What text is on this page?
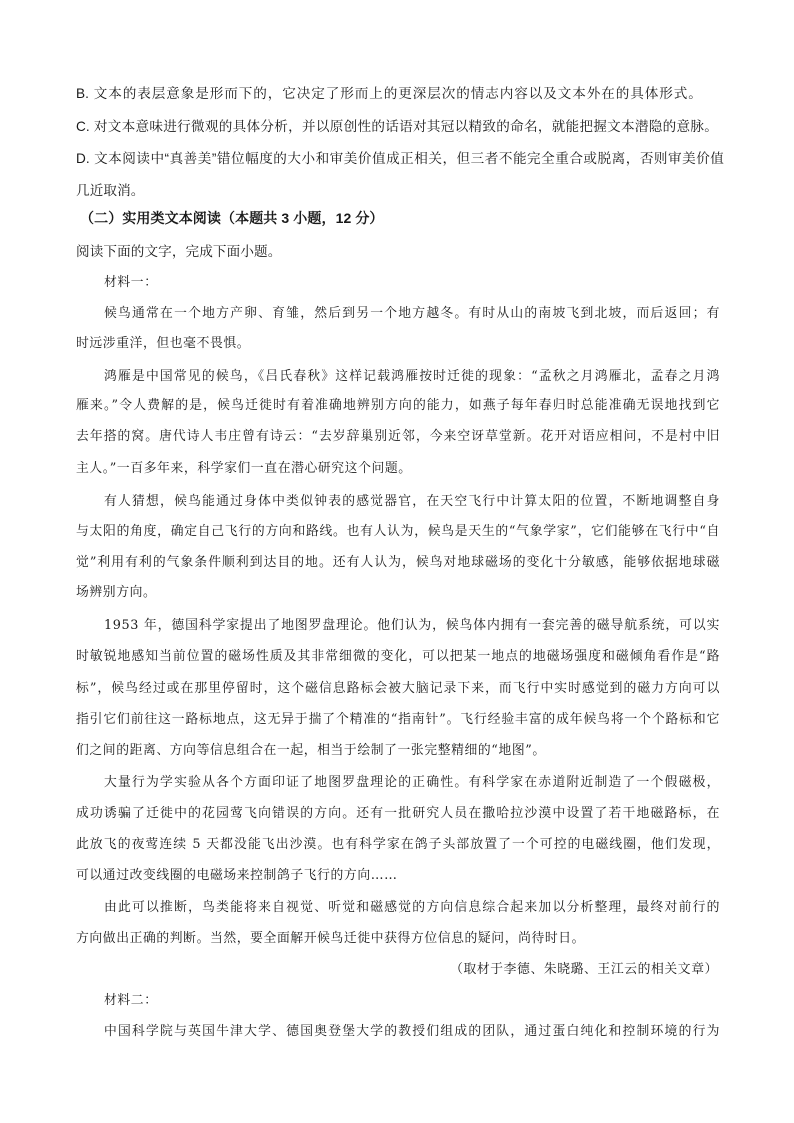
B. 文本的表层意象是形而下的，它决定了形而上的更深层次的情志内容以及文本外在的具体形式。
C. 对文本意味进行微观的具体分析，并以原创性的话语对其冠以精致的命名，就能把握文本潜隐的意脉。
D. 文本阅读中“真善美”错位幅度的大小和审美价值成正相关，但三者不能完全重合或脱离，否则审美价值
几近取消。
（二）实用类文本阅读（本题共 3 小题，12 分）
阅读下面的文字，完成下面小题。
材料一：
候鸟通常在一个地方产卵、育雏，然后到另一个地方越冬。有时从山的南坡飞到北坡，而后返回；有
时远涉重洋，但也毫不畏惧。
鸿雁是中国常见的候鸟，《吕氏春秋》这样记载鸿雁按时迁徙的现象：“孟秋之月鸿雁北，孟春之月鸿
雁来。”令人费解的是，候鸟迁徙时有着准确地辨别方向的能力，如燕子每年春归时总能准确无误地找到它
去年搭的窝。唐代诗人韦庄曾有诗云：“去岁辞巢别近邻，今来空讶草堂新。花开对语应相问，不是村中旧
主人。”一百多年来，科学家们一直在潜心研究这个问题。
有人猜想，候鸟能通过身体中类似钟表的感觉器官，在天空飞行中计算太阳的位置，不断地调整自身
与太阳的角度，确定自己飞行的方向和路线。也有人认为，候鸟是天生的“气象学家”，它们能够在飞行中“自
觉”利用有利的气象条件顺利到达目的地。还有人认为，候鸟对地球磁场的变化十分敏感，能够依据地球磁
场辨别方向。
1953 年，德国科学家提出了地图罗盘理论。他们认为，候鸟体内拥有一套完善的磁导航系统，可以实
时敏锐地感知当前位置的磁场性质及其非常细微的变化，可以把某一地点的地磁场强度和磁倾角看作是“路
标”，候鸟经过或在那里停留时，这个磁信息路标会被大脑记录下来，而飞行中实时感觉到的磁力方向可以
指引它们前往这一路标地点，这无异于揣了个精准的“指南针”。飞行经验丰富的成年候鸟将一个个路标和它
们之间的距离、方向等信息组合在一起，相当于绘制了一张完整精细的“地图”。
大量行为学实验从各个方面印证了地图罗盘理论的正确性。有科学家在赤道附近制造了一个假磁极，
成功诱骗了迁徙中的花园莺飞向错误的方向。还有一批研究人员在撒哈拉沙漠中设置了若干地磁路标，在
此放飞的夜莺连续 5 天都没能飞出沙漠。也有科学家在鸽子头部放置了一个可控的电磁线圈，他们发现，
可以通过改变线圈的电磁场来控制鸽子飞行的方向……
由此可以推断，鸟类能将来自视觉、听觉和磁感觉的方向信息综合起来加以分析整理，最终对前行的
方向做出正确的判断。当然，要全面解开候鸟迁徙中获得方位信息的疑问，尚待时日。
（取材于李德、朱晓璐、王江云的相关文章）
材料二：
中国科学院与英国牛津大学、德国奥登堡大学的教授们组成的团队，通过蛋白纯化和控制环境的行为
